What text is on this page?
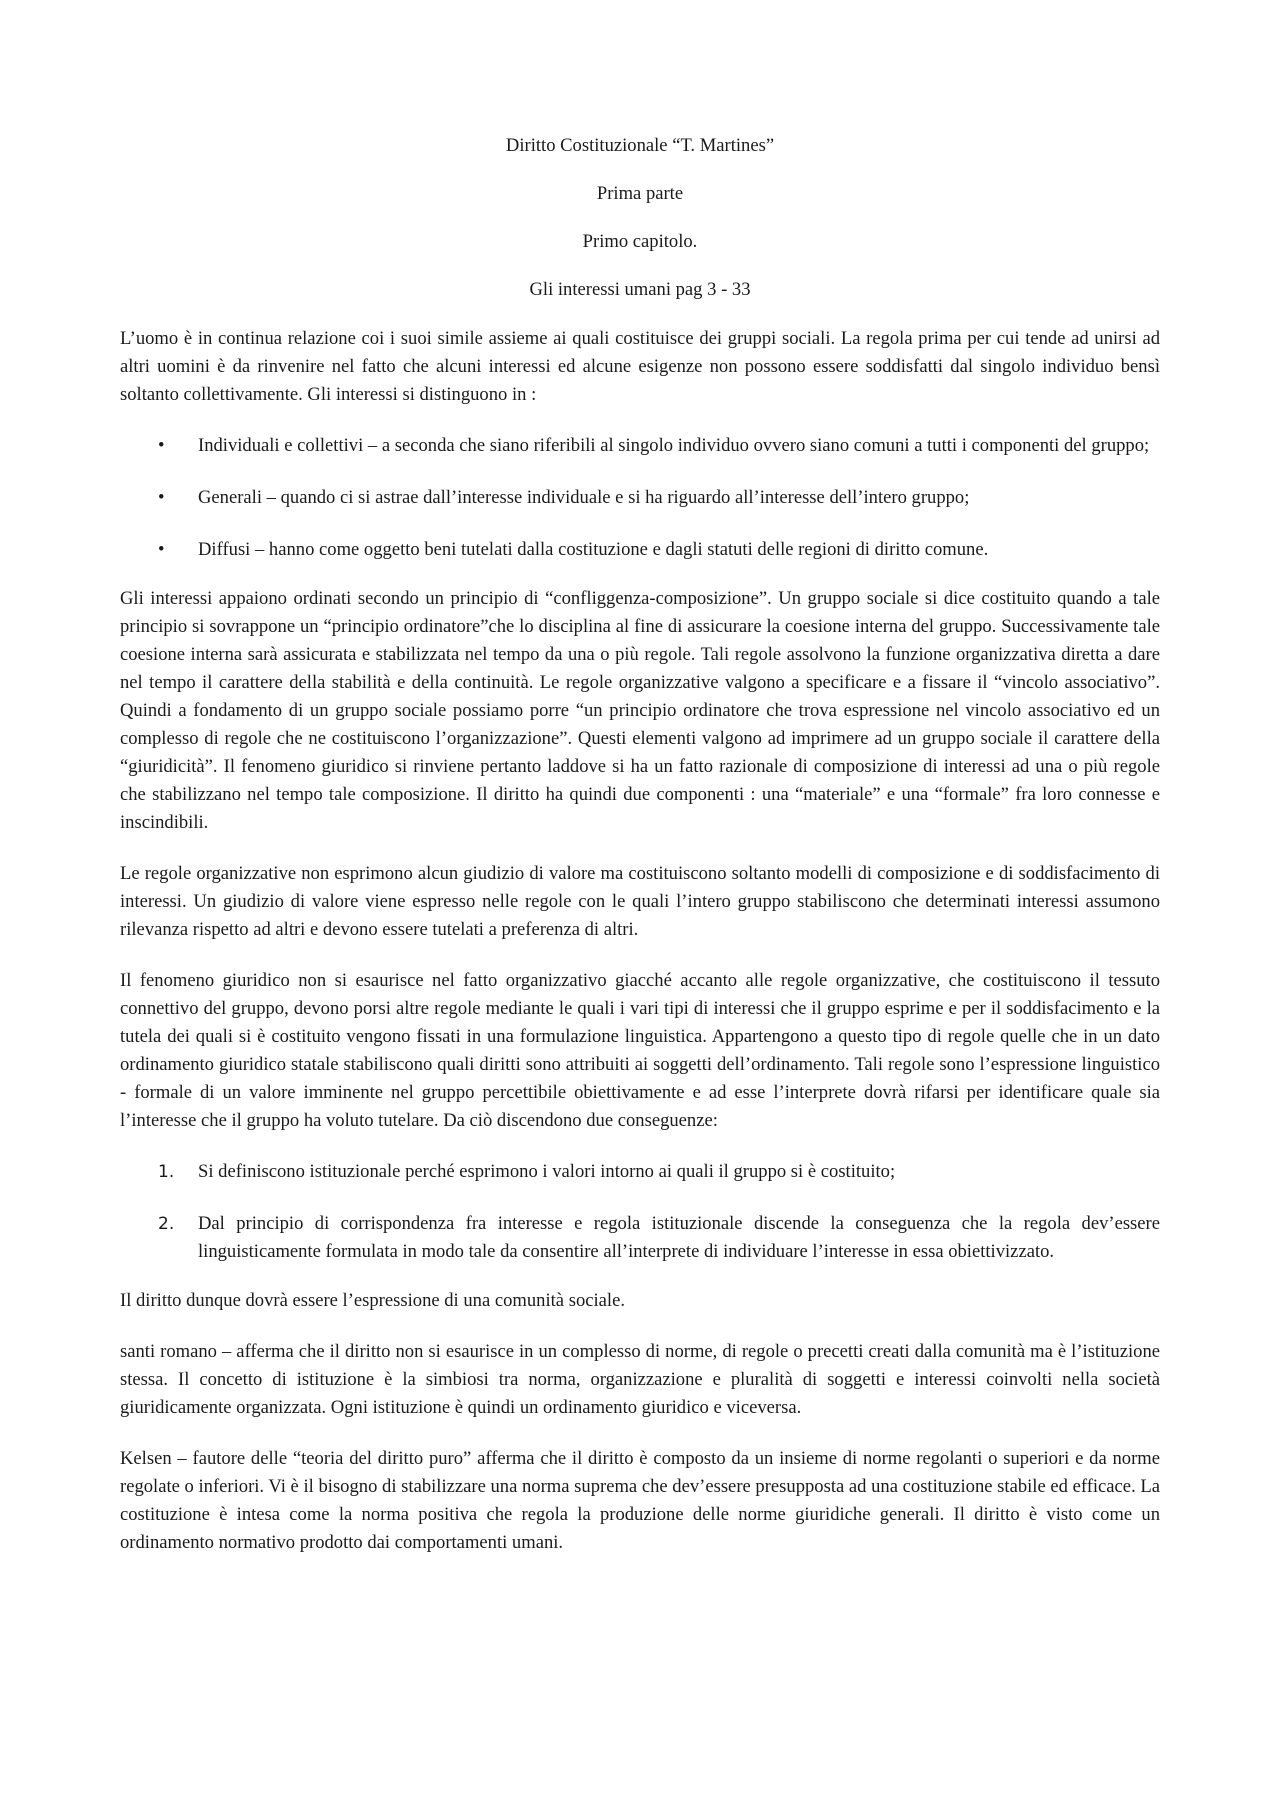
Diritto Costituzionale “T. Martines”

Prima parte

Primo capitolo.

Gli interessi umani pag 3 - 33

L’uomo è in continua relazione coi i suoi simile assieme ai quali costituisce dei gruppi sociali. La regola prima per cui tende ad unirsi ad altri uomini è da rinvenire nel fatto che alcuni interessi ed alcune esigenze non possono essere soddisfatti dal singolo individuo bensì soltanto collettivamente. Gli interessi si distinguono in :

• Individuali e collettivi – a seconda che siano riferibili al singolo individuo ovvero siano comuni a tutti i componenti del gruppo;
• Generali – quando ci si astrae dall’interesse individuale e si ha riguardo all’interesse dell’intero gruppo;
• Diffusi – hanno come oggetto beni tutelati dalla costituzione e dagli statuti delle regioni di diritto comune.

Gli interessi appaiono ordinati secondo un principio di “confliggenza-composizione”. Un gruppo sociale si dice costituito quando a tale principio si sovrappone un “principio ordinatore”che lo disciplina al fine di assicurare la coesione interna del gruppo. Successivamente tale coesione interna sarà assicurata e stabilizzata nel tempo da una o più regole. Tali regole assolvono la funzione organizzativa diretta a dare nel tempo il carattere della stabilità e della continuità. Le regole organizzative valgono a specificare e a fissare il “vincolo associativo”. Quindi a fondamento di un gruppo sociale possiamo porre “un principio ordinatore che trova espressione nel vincolo associativo ed un complesso di regole che ne costituiscono l’organizzazione”. Questi elementi valgono ad imprimere ad un gruppo sociale il carattere della “giuridicità”. Il fenomeno giuridico si rinviene pertanto laddove si ha un fatto razionale di composizione di interessi ad una o più regole che stabilizzano nel tempo tale composizione. Il diritto ha quindi due componenti : una “materiale” e una “formale” fra loro connesse e inscindibili.

Le regole organizzative non esprimono alcun giudizio di valore ma costituiscono soltanto modelli di composizione e di soddisfacimento di interessi. Un giudizio di valore viene espresso nelle regole con le quali l’intero gruppo stabiliscono che determinati interessi assumono rilevanza rispetto ad altri e devono essere tutelati a preferenza di altri.

Il fenomeno giuridico non si esaurisce nel fatto organizzativo giacché accanto alle regole organizzative, che costituiscono il tessuto connettivo del gruppo, devono porsi altre regole mediante le quali i vari tipi di interessi che il gruppo esprime e per il soddisfacimento e la tutela dei quali si è costituito vengono fissati in una formulazione linguistica. Appartengono a questo tipo di regole quelle che in un dato ordinamento giuridico statale stabiliscono quali diritti sono attribuiti ai soggetti dell’ordinamento. Tali regole sono l’espressione linguistico - formale di un valore imminente nel gruppo percettibile obiettivamente e ad esse l’interprete dovrà rifarsi per identificare quale sia l’interesse che il gruppo ha voluto tutelare. Da ciò discendono due conseguenze:

1. Si definiscono istituzionale perché esprimono i valori intorno ai quali il gruppo si è costituito;
2. Dal principio di corrispondenza fra interesse e regola istituzionale discende la conseguenza che la regola dev’essere linguisticamente formulata in modo tale da consentire all’interprete di individuare l’interesse in essa obiettivizzato.

Il diritto dunque dovrà essere l’espressione di una comunità sociale.

santi romano – afferma che il diritto non si esaurisce in un complesso di norme, di regole o precetti creati dalla comunità ma è l’istituzione stessa. Il concetto di istituzione è la simbiosi tra norma, organizzazione e pluralità di soggetti e interessi coinvolti nella società giuridicamente organizzata. Ogni istituzione è quindi un ordinamento giuridico e viceversa.

Kelsen – fautore delle “teoria del diritto puro” afferma che il diritto è composto da un insieme di norme regolanti o superiori e da norme regolate o inferiori. Vi è il bisogno di stabilizzare una norma suprema che dev’essere presupposta ad una costituzione stabile ed efficace. La costituzione è intesa come la norma positiva che regola la produzione delle norme giuridiche generali. Il diritto è visto come un ordinamento normativo prodotto dai comportamenti umani.
